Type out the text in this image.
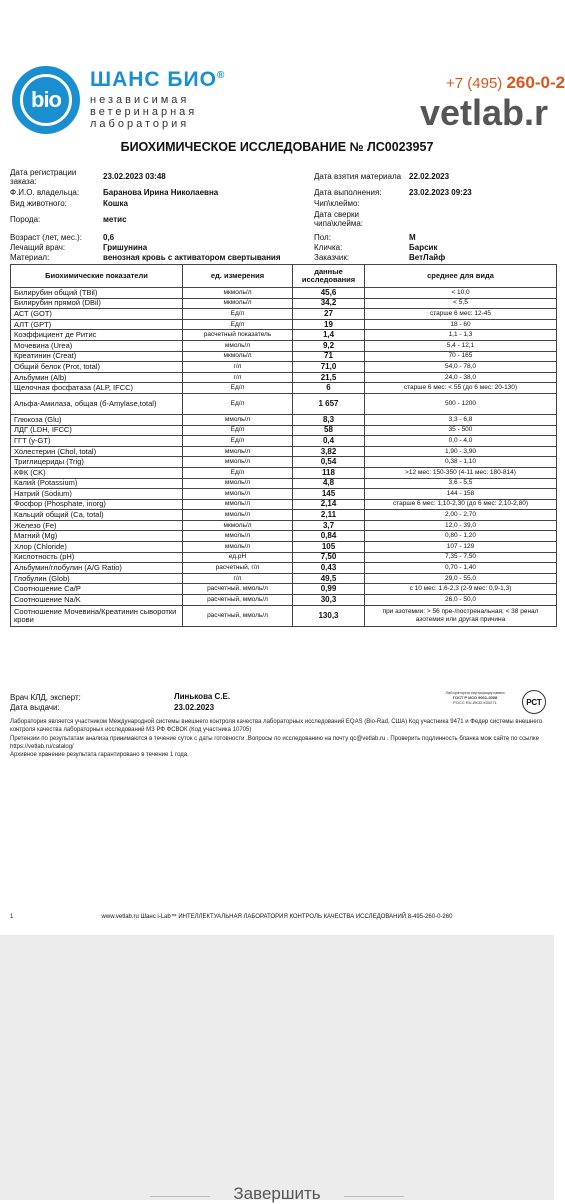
bio
ШАНС БИО®
независимая
ветеринарная
лаборатория
+7 (495) 260-0-2
vetlab.r
БИОХИМИЧЕСКОЕ ИССЛЕДОВАНИЕ № ЛС0023957
Дата регистрации заказа:
23.02.2023 03:48
Ф.И.О. владельца:	Баранова Ирина Николаевна
Вид животного:	Кошка
Порода:	метис
Возраст (лет, мес.):	0,6
Лечащий врач:	Гришунина
Материал:	венозная кровь с активатором свертывания
Дата взятия материала 22.02.2023
Дата выполнения:	23.02.2023 09:23
Чип\клеймо:
Дата сверки чипа\клейма:
Пол:	М
Кличка:	Барсик
Заказчик:	ВетЛайф
Биохимические показатели	ед. измерения	данные исследования	среднее для вида
Билирубин общий (TBil)	мкмоль/л	45,6	< 10,0
Билирубин прямой (DBil)	мкмоль/л	34,2	< 5,5
АСТ (GOT)	Ед/л	27	старше 6 мес: 12-45
АЛТ (GPT)	Ед/л	19	18 - 60
Коэффициент де Ритис	расчетный показатель	1,4	1,1 - 1,3
Мочевина (Urea)	ммоль/л	9,2	5,4 - 12,1
Креатинин (Creat)	мкмоль/л	71	70 - 165
Общий белок (Prot, total)	г/л	71,0	54,0 - 78,0
Альбумин (Alb)	г/л	21,5	24,0 - 38,0
Щелочная фосфатаза (ALP, IFCC)	Ед/л	6	старше 6 мес: < 55 (до 6 мес: 20-130)
Альфа-Амилаза, общая (б-Amylase,total)	Ед/л	1 657	500 - 1200
Глюкоза (Glu)	ммоль/л	8,3	3,3 - 6,8
ЛДГ (LDH, IFCC)	Ед/л	58	35 - 500
ГГТ (у-GT)	Ед/л	0,4	0,0 - 4,0
Холестерин (Chol, total)	ммоль/л	3,82	1,90 - 3,90
Триглицериды (Trig)	ммоль/л	0,54	0,38 - 1,10
КФК (CK)	Ед/л	118	>12 мес: 150-350 (4-11 мес: 180-814)
Калий (Potassium)	ммоль/л	4,8	3,6 - 5,5
Натрий (Sodium)	ммоль/л	145	144 - 158
Фосфор (Phosphate, inorg)	ммоль/л	2,14	старше 6 мес: 1,10-2,30 (до 6 мес: 2,10-2,80)
Кальций общий (Ca, total)	ммоль/л	2,11	2,00 - 2,70
Железо (Fe)	мкмоль/л	3,7	12,0 - 39,0
Магний (Mg)	ммоль/л	0,84	0,80 - 1,20
Хлор (Chloride)	ммоль/л	105	107 - 129
Кислотность (pH)	ед.pH	7,50	7,35 - 7,50
Альбумин/глобулин (A/G Ratio)	расчетный, г/л	0,43	0,70 - 1,40
Глобулин (Glob)	г/л	49,5	29,0 - 55,0
Соотношение Са/Р	расчетный, ммоль/л	0,99	с 10 мес: 1,6-2,3 (2-9 мес: 0,9-1,3)
Соотношение Na/K	расчетный, ммоль/л	30,3	26,0 - 50,0
Соотношение Мочевина/Креатинин сыворотки крови	расчетный, ммоль/л	130,3	при азотемии: > 56 пре-/постренальная; < 38 ренал азотемия или другая причина
Врач КЛД, эксперт:	Линькова С.Е.
Дата выдачи:	23.02.2023
Лаборатория сертифицирована
ГОСТ Р ИСО 9001-2008
РОСС RU.ИК32.К00271	РСТ
Лаборатория является участником Международной системы внешнего контроля качества лабораторных исследований EQAS (Bio-Rad, США) Код участника 9471 и Федер системы внешнего контроля качества лабораторных исследований МЗ РФ ФСВОК (Код участника 10705)
Претензии по результатам анализа принимаются в течение суток с даты готовности .Вопросы по исследованию на почту qc@vetlab.ru . Проверить подлинность бланка мож сайте по ссылке https://vetlab.ru/catalog/
Архивное хранение результата гарантировано в течение 1 года.
1	www.vetlab.ru Шанс i-Lab™ ИНТЕЛЛЕКТУАЛЬНАЯ ЛАБОРАТОРИЯ КОНТРОЛЬ КАЧЕСТВА ИССЛЕДОВАНИЙ 8-495-260-0-260
Завершить
